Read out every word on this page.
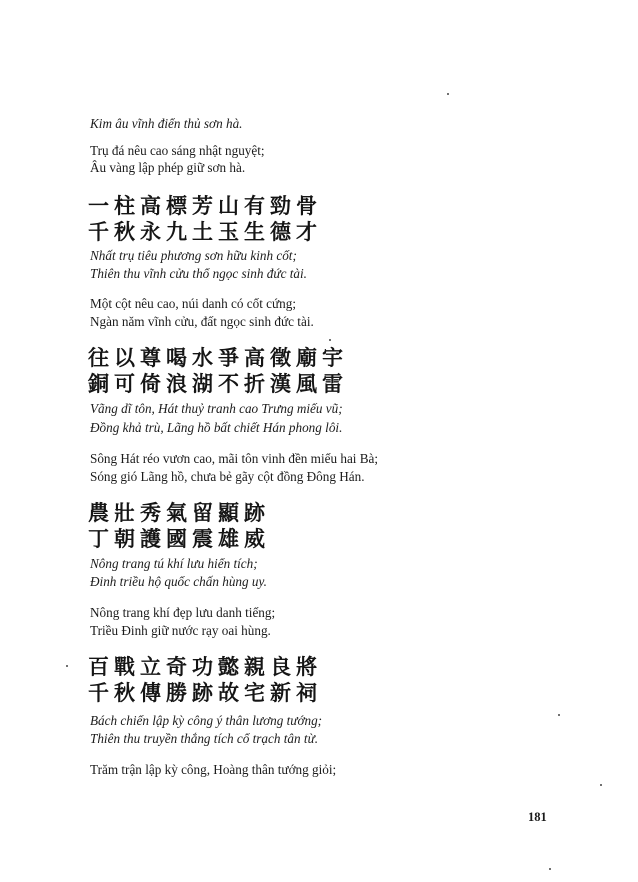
Kim âu vĩnh điển thủ sơn hà.
Trụ đá nêu cao sáng nhật nguyệt;
Âu vàng lập phép giữ sơn hà.
一柱高標芳山有勁骨
千秋永九土玉生德才
Nhất trụ tiêu phương sơn hữu kinh cốt;
Thiên thu vĩnh cửu thổ ngọc sinh đức tài.
Một cột nêu cao, núi danh có cốt cứng;
Ngàn năm vĩnh cửu, đất ngọc sinh đức tài.
往以尊喝水爭高徵廟宇
銅可倚浪湖不折漢風雷
Vãng dĩ tôn, Hát thuỷ tranh cao Trưng miếu vũ;
Đồng khả trù, Lãng hồ bất chiết Hán phong lôi.
Sông Hát réo vươn cao, mãi tôn vinh đền miếu hai Bà;
Sóng gió Lãng hồ, chưa bẻ gãy cột đồng Đông Hán.
農壯秀氣留顯跡
丁朝護國震雄威
Nông trang tú khí lưu hiển tích;
Đinh triều hộ quốc chấn hùng uy.
Nông trang khí đẹp lưu danh tiếng;
Triều Đinh giữ nước rạy oai hùng.
百戰立奇功懿親良將
千秋傳勝跡故宅新祠
Bách chiến lập kỳ công ý thân lương tướng;
Thiên thu truyền thắng tích cổ trạch tân từ.
Trăm trận lập kỳ công, Hoàng thân tướng giỏi;
181
